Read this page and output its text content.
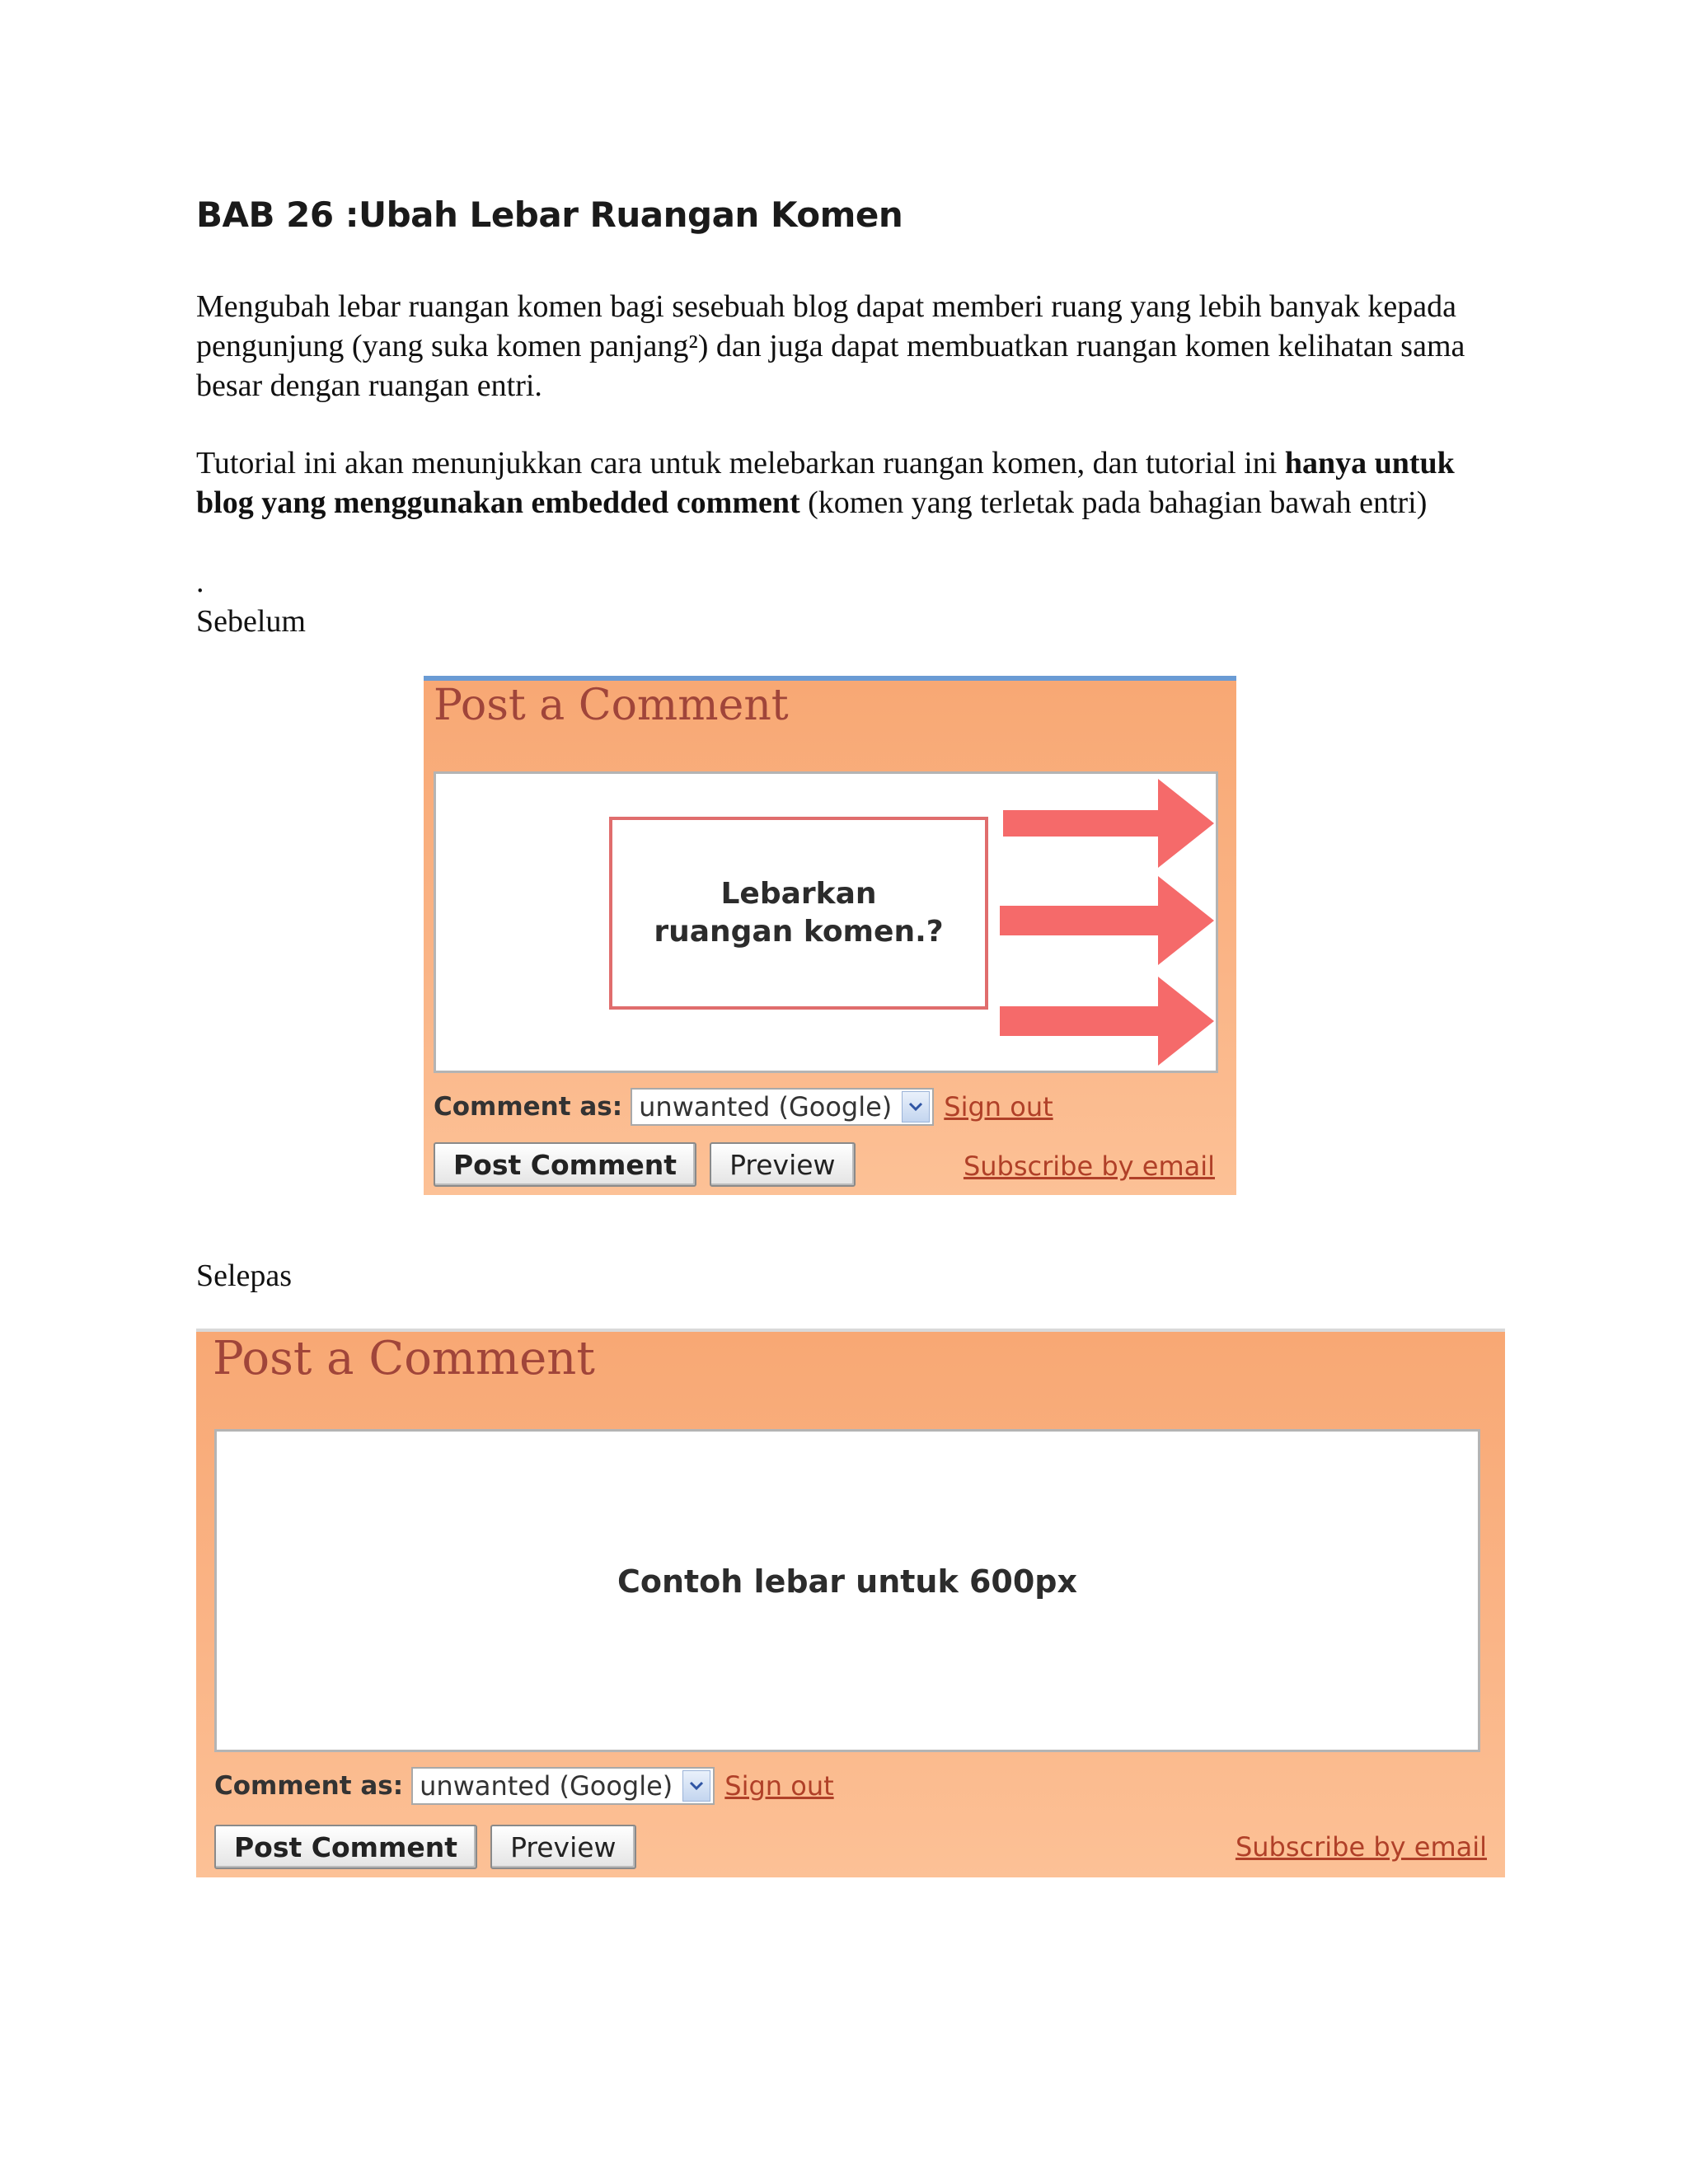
BAB 26 :Ubah Lebar Ruangan Komen

Mengubah lebar ruangan komen bagi sesebuah blog dapat memberi ruang yang lebih banyak kepada pengunjung (yang suka komen panjang²) dan juga dapat membuatkan ruangan komen kelihatan sama besar dengan ruangan entri.

Tutorial ini akan menunjukkan cara untuk melebarkan ruangan komen, dan tutorial ini hanya untuk blog yang menggunakan embedded comment (komen yang terletak pada bahagian bawah entri)

.
Sebelum
Post a Comment
Lebarkan ruangan komen.?
Comment as: unwanted (Google)	Sign out
Post Comment	Preview	Subscribe by email
Selepas
Post a Comment
Contoh lebar untuk 600px
Comment as: unwanted (Google)	Sign out
Post Comment	Preview	Subscribe by email
